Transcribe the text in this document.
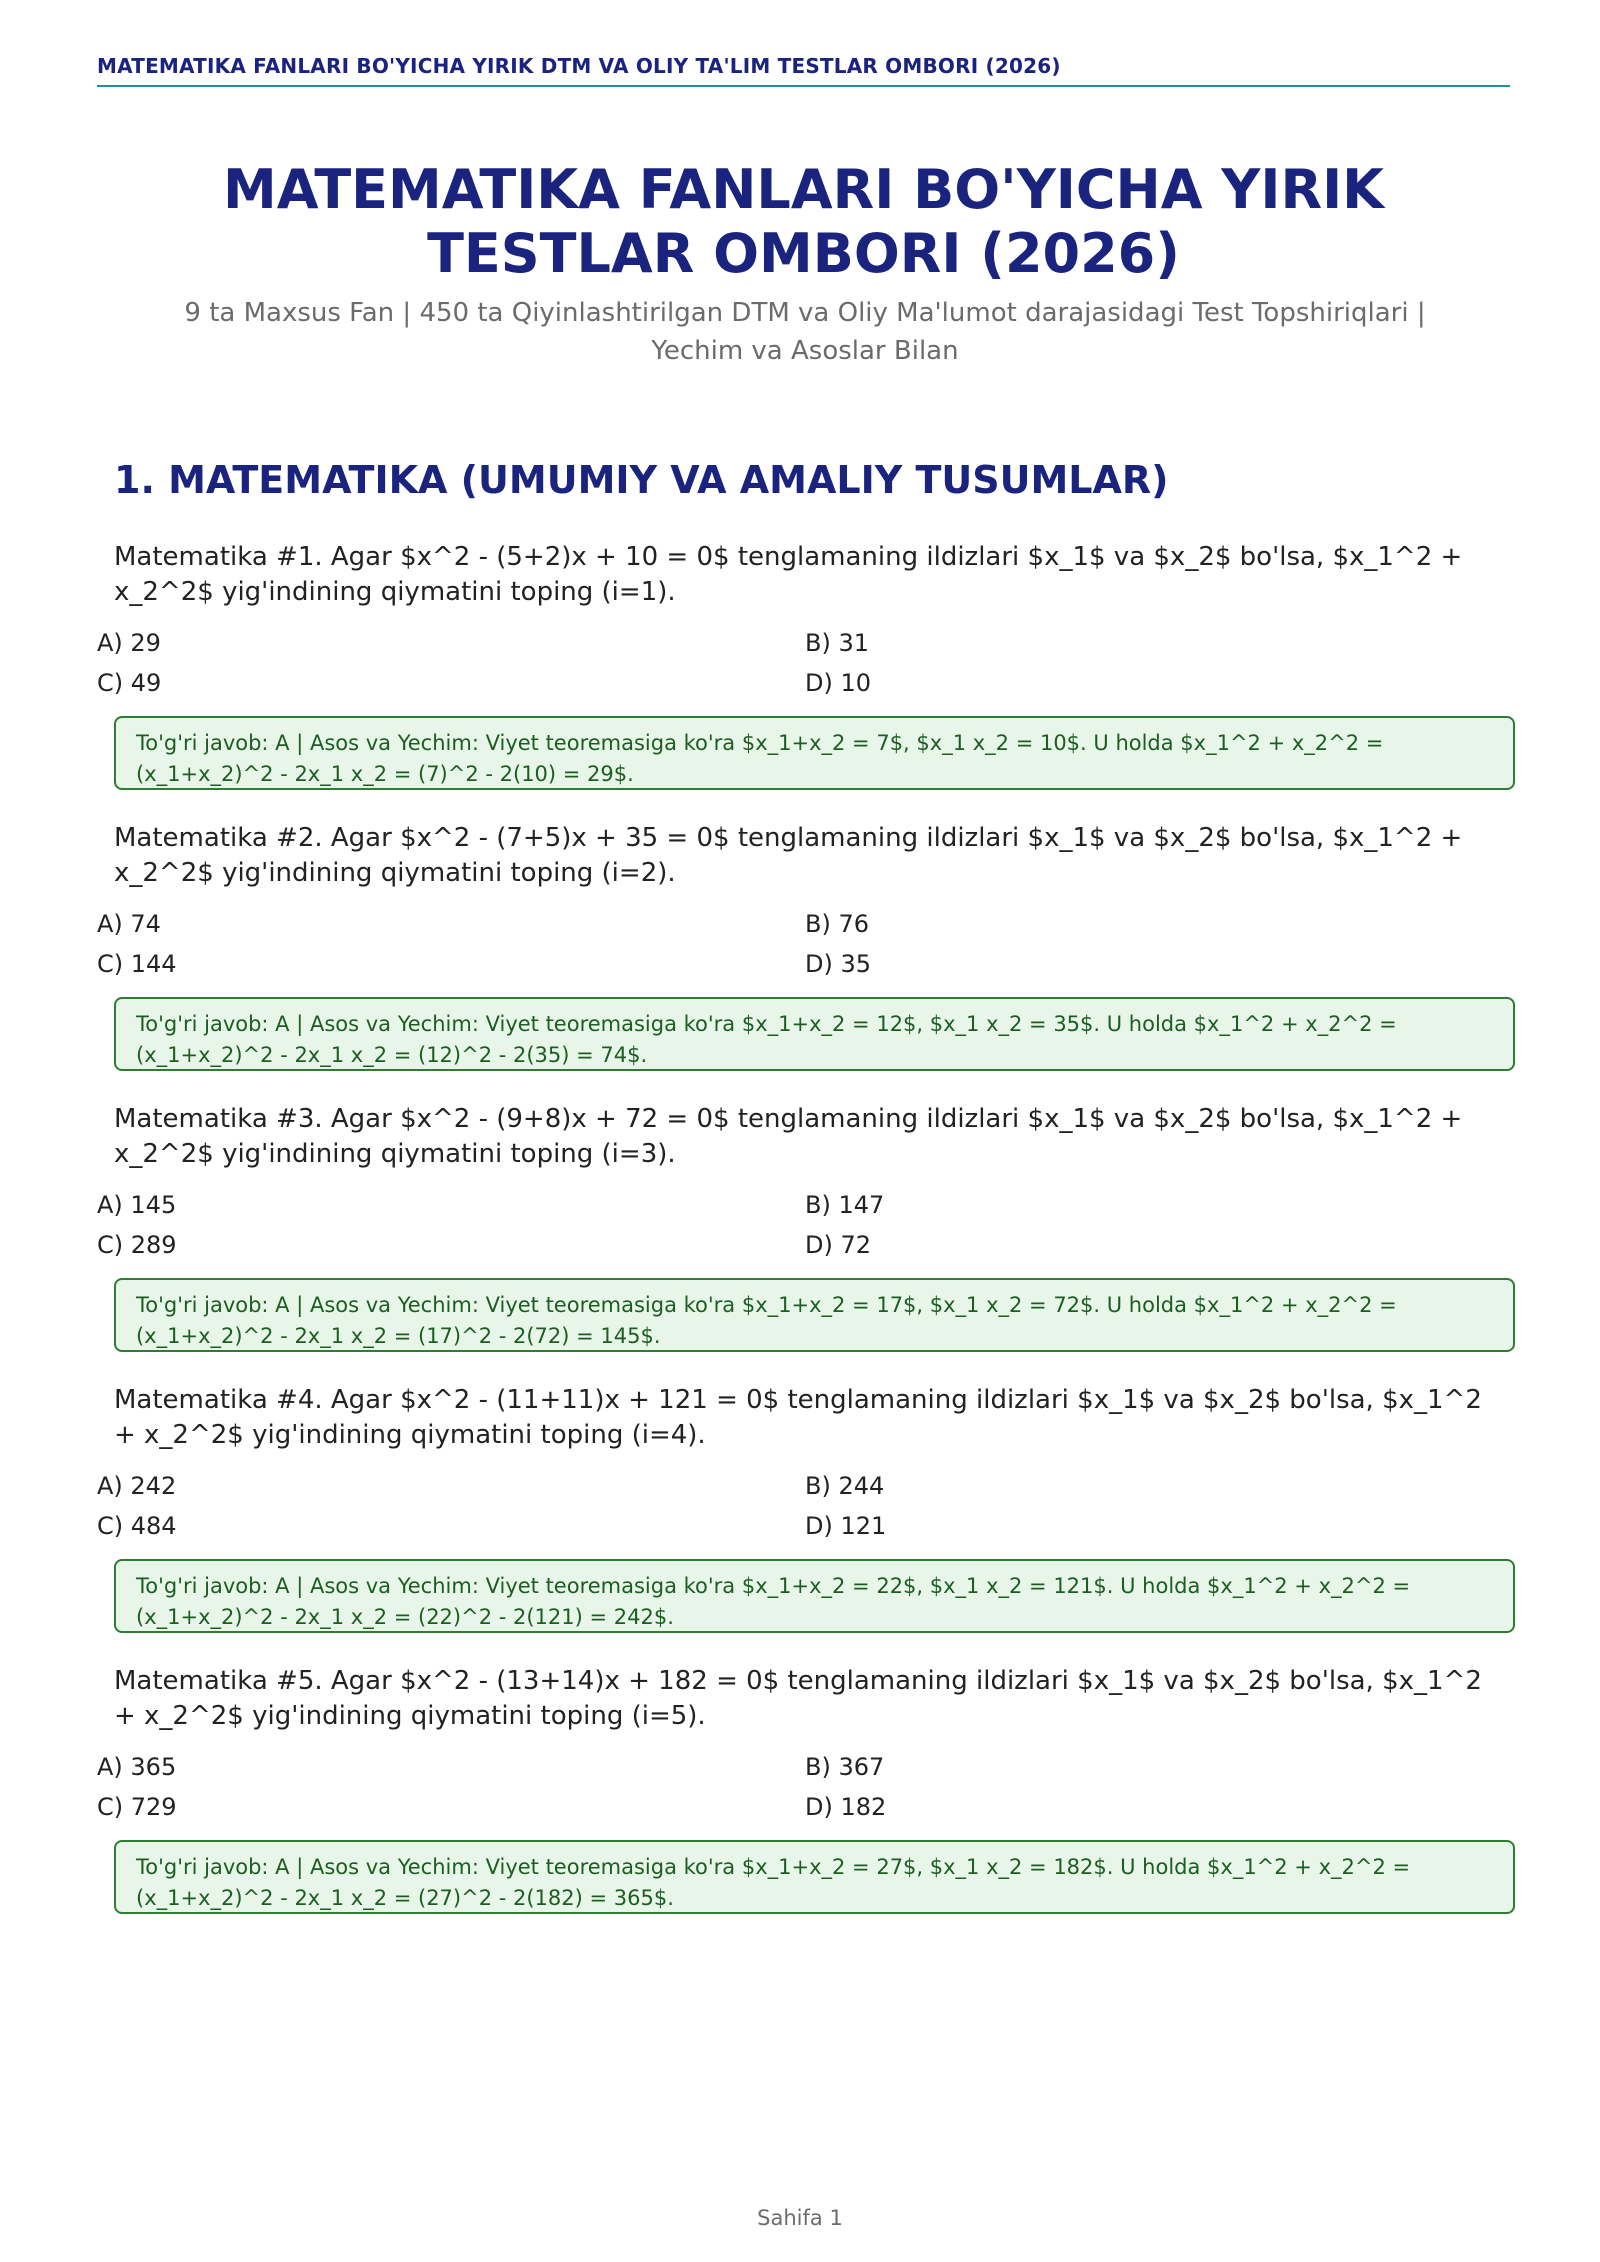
MATEMATIKA FANLARI BO'YICHA YIRIK DTM VA OLIY TA'LIM TESTLAR OMBORI (2026)
MATEMATIKA FANLARI BO'YICHA YIRIK
TESTLAR OMBORI (2026)

9 ta Maxsus Fan | 450 ta Qiyinlashtirilgan DTM va Oliy Ma'lumot darajasidagi Test Topshiriqlari |
Yechim va Asoslar Bilan

1. MATEMATIKA (UMUMIY VA AMALIY TUSUMLAR)
Matematika #1. Agar $x^2 - (5+2)x + 10 = 0$ tenglamaning ildizlari $x_1$ va $x_2$ bo'lsa, $x_1^2 + x_2^2$ yig'indining qiymatini toping (i=1).
A) 29	B) 31
C) 49	D) 10
To'g'ri javob: A | Asos va Yechim: Viyet teoremasiga ko'ra $x_1+x_2 = 7$, $x_1 x_2 = 10$. U holda $x_1^2 + x_2^2 = (x_1+x_2)^2 - 2x_1 x_2 = (7)^2 - 2(10) = 29$.
Matematika #2. Agar $x^2 - (7+5)x + 35 = 0$ tenglamaning ildizlari $x_1$ va $x_2$ bo'lsa, $x_1^2 + x_2^2$ yig'indining qiymatini toping (i=2).
A) 74	B) 76
C) 144	D) 35
To'g'ri javob: A | Asos va Yechim: Viyet teoremasiga ko'ra $x_1+x_2 = 12$, $x_1 x_2 = 35$. U holda $x_1^2 + x_2^2 = (x_1+x_2)^2 - 2x_1 x_2 = (12)^2 - 2(35) = 74$.
Matematika #3. Agar $x^2 - (9+8)x + 72 = 0$ tenglamaning ildizlari $x_1$ va $x_2$ bo'lsa, $x_1^2 + x_2^2$ yig'indining qiymatini toping (i=3).
A) 145	B) 147
C) 289	D) 72
To'g'ri javob: A | Asos va Yechim: Viyet teoremasiga ko'ra $x_1+x_2 = 17$, $x_1 x_2 = 72$. U holda $x_1^2 + x_2^2 = (x_1+x_2)^2 - 2x_1 x_2 = (17)^2 - 2(72) = 145$.
Matematika #4. Agar $x^2 - (11+11)x + 121 = 0$ tenglamaning ildizlari $x_1$ va $x_2$ bo'lsa, $x_1^2 + x_2^2$ yig'indining qiymatini toping (i=4).
A) 242	B) 244
C) 484	D) 121
To'g'ri javob: A | Asos va Yechim: Viyet teoremasiga ko'ra $x_1+x_2 = 22$, $x_1 x_2 = 121$. U holda $x_1^2 + x_2^2 = (x_1+x_2)^2 - 2x_1 x_2 = (22)^2 - 2(121) = 242$.
Matematika #5. Agar $x^2 - (13+14)x + 182 = 0$ tenglamaning ildizlari $x_1$ va $x_2$ bo'lsa, $x_1^2 + x_2^2$ yig'indining qiymatini toping (i=5).
A) 365	B) 367
C) 729	D) 182
To'g'ri javob: A | Asos va Yechim: Viyet teoremasiga ko'ra $x_1+x_2 = 27$, $x_1 x_2 = 182$. U holda $x_1^2 + x_2^2 = (x_1+x_2)^2 - 2x_1 x_2 = (27)^2 - 2(182) = 365$.
Sahifa 1
